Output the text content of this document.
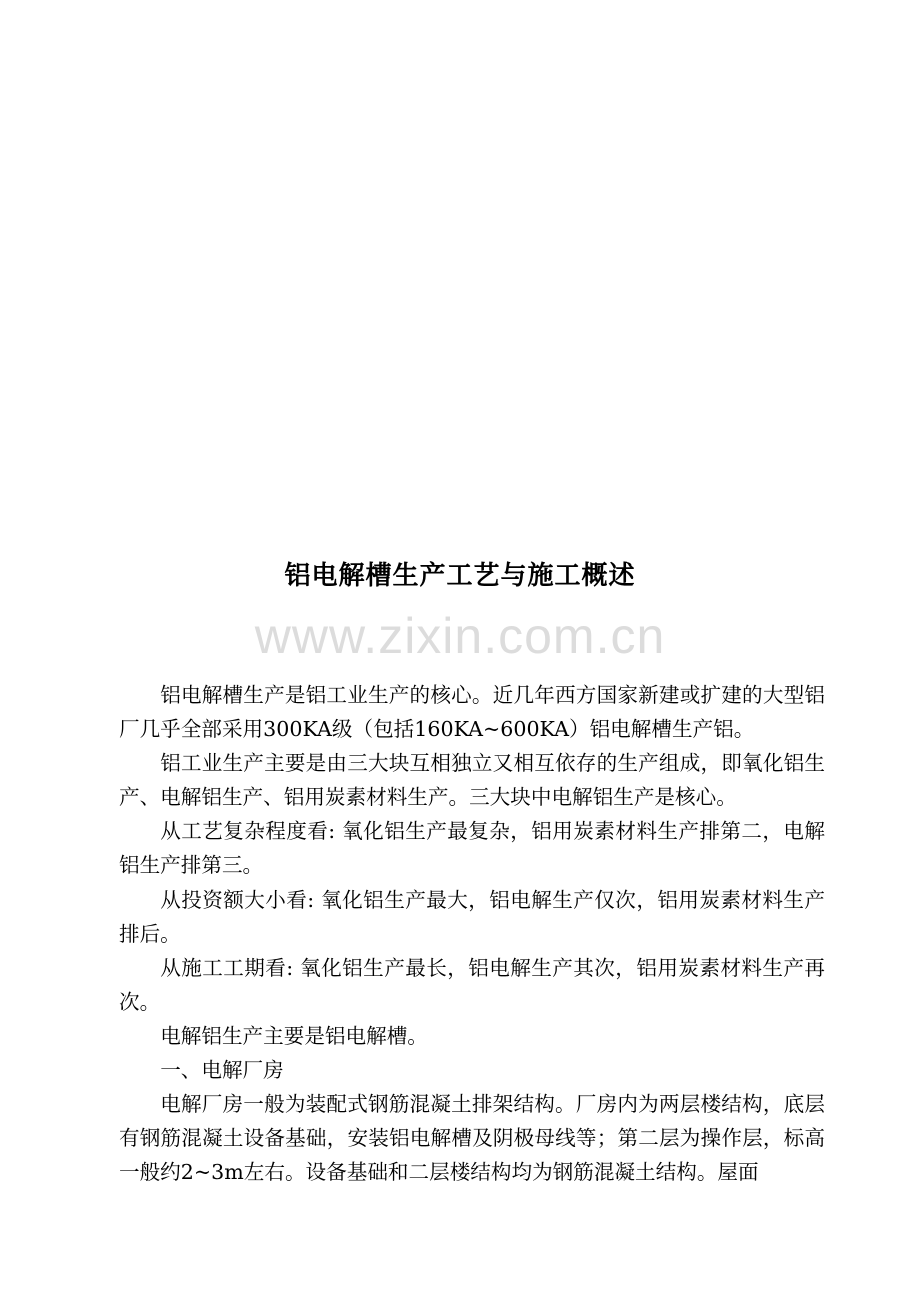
铝电解槽生产工艺与施工概述
www.zixin.com.cn

铝电解槽生产是铝工业生产的核心。近几年西方国家新建或扩建的大型铝厂几乎全部采用300KA级（包括160KA~600KA）铝电解槽生产铝。

铝工业生产主要是由三大块互相独立又相互依存的生产组成，即氧化铝生产、电解铝生产、铝用炭素材料生产。三大块中电解铝生产是核心。

从工艺复杂程度看: 氧化铝生产最复杂，铝用炭素材料生产排第二，电解铝生产排第三。

从投资额大小看: 氧化铝生产最大，铝电解生产仅次，铝用炭素材料生产排后。

从施工工期看: 氧化铝生产最长，铝电解生产其次，铝用炭素材料生产再次。

电解铝生产主要是铝电解槽。

一、电解厂房

电解厂房一般为装配式钢筋混凝土排架结构。厂房内为两层楼结构，底层有钢筋混凝土设备基础，安装铝电解槽及阴极母线等；第二层为操作层，标高一般约2~3m左右。设备基础和二层楼结构均为钢筋混凝土结构。屋面
